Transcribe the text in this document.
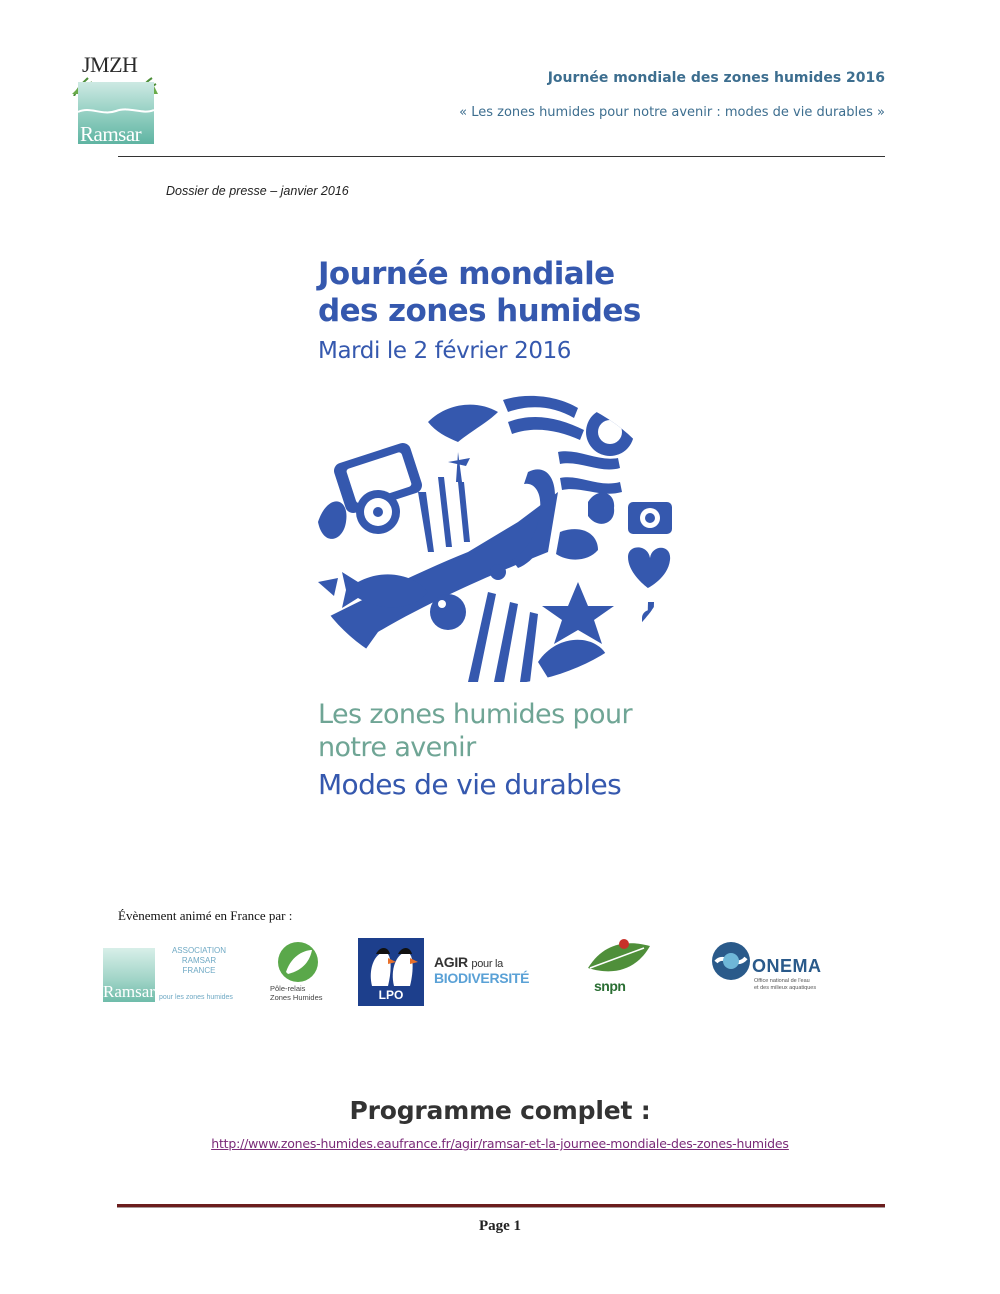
JMZH
Ramsar
Journée mondiale des zones humides 2016
« Les zones humides pour notre avenir : modes de vie durables »
Dossier de presse – janvier 2016
Journée mondiale
des zones humides
Mardi le 2 février 2016
Les zones humides pour
notre avenir
Modes de vie durables
Évènement animé en France par :
Ramsar
ASSOCIATION
RAMSAR
FRANCE
pour les zones humides
Pôle-relais
Zones Humides	LPO
AGIR pour la
BIODIVERSITÉ	snpn
ONEMA
Office national de l'eau
et des milieux aquatiques
Programme complet :
http://www.zones-humides.eaufrance.fr/agir/ramsar-et-la-journee-mondiale-des-zones-humides
Page 1
